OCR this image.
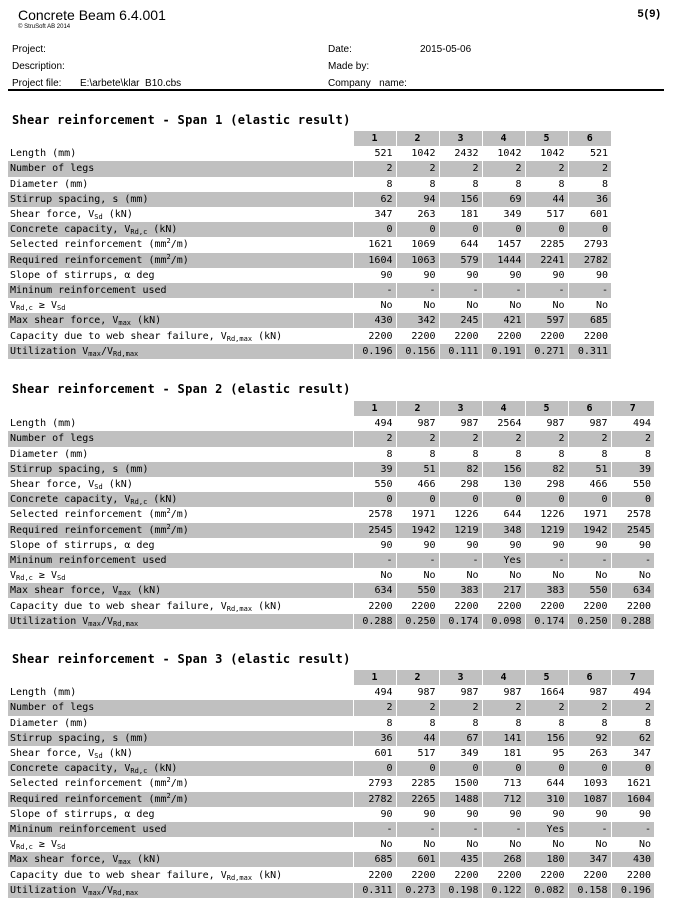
Concrete Beam 6.4.001
© StruSoft AB 2014
5(9)
Project:
Description:
Project file: E:\arbete\klar  B10.cbs
Date:	2015-05-06
Made by:
Company   name:
Shear reinforcement - Span 1 (elastic result)
	1	2	3	4	5	6
Length (mm)	521	1042	2432	1042	1042	521
Number of legs	2	2	2	2	2	2
Diameter (mm)	8	8	8	8	8	8
Stirrup spacing, s (mm)	62	94	156	69	44	36
Shear force, $V_{Sd}$ (kN)	347	263	181	349	517	601
Concrete capacity, $V_{Rd,c}$ (kN)	0	0	0	0	0	0
Selected reinforcement $(mm^2/m)$	1621	1069	644	1457	2285	2793
Required reinforcement $(mm^2/m)$	1604	1063	579	1444	2241	2782
Slope of stirrups, α deg	90	90	90	90	90	90
Mininum reinforcement used	-	-	-	-	-	-
$V_{Rd,c} \ge V_{Sd}$	No	No	No	No	No	No
Max shear force, $V_{max}$ (kN)	430	342	245	421	597	685
Capacity due to web shear failure, $V_{Rd,max}$ (kN)	2200	2200	2200	2200	2200	2200
Utilization $V_{max}/V_{Rd,max}$	0.196	0.156	0.111	0.191	0.271	0.311
Shear reinforcement - Span 2 (elastic result)
	1	2	3	4	5	6	7
Length (mm)	494	987	987	2564	987	987	494
Number of legs	2	2	2	2	2	2	2
Diameter (mm)	8	8	8	8	8	8	8
Stirrup spacing, s (mm)	39	51	82	156	82	51	39
Shear force, $V_{Sd}$ (kN)	550	466	298	130	298	466	550
Concrete capacity, $V_{Rd,c}$ (kN)	0	0	0	0	0	0	0
Selected reinforcement $(mm^2/m)$	2578	1971	1226	644	1226	1971	2578
Required reinforcement $(mm^2/m)$	2545	1942	1219	348	1219	1942	2545
Slope of stirrups, α deg	90	90	90	90	90	90	90
Mininum reinforcement used	-	-	-	Yes	-	-	-
$V_{Rd,c} \ge V_{Sd}$	No	No	No	No	No	No	No
Max shear force, $V_{max}$ (kN)	634	550	383	217	383	550	634
Capacity due to web shear failure, $V_{Rd,max}$ (kN)	2200	2200	2200	2200	2200	2200	2200
Utilization $V_{max}/V_{Rd,max}$	0.288	0.250	0.174	0.098	0.174	0.250	0.288
Shear reinforcement - Span 3 (elastic result)
	1	2	3	4	5	6	7
Length (mm)	494	987	987	987	1664	987	494
Number of legs	2	2	2	2	2	2	2
Diameter (mm)	8	8	8	8	8	8	8
Stirrup spacing, s (mm)	36	44	67	141	156	92	62
Shear force, $V_{Sd}$ (kN)	601	517	349	181	95	263	347
Concrete capacity, $V_{Rd,c}$ (kN)	0	0	0	0	0	0	0
Selected reinforcement $(mm^2/m)$	2793	2285	1500	713	644	1093	1621
Required reinforcement $(mm^2/m)$	2782	2265	1488	712	310	1087	1604
Slope of stirrups, α deg	90	90	90	90	90	90	90
Mininum reinforcement used	-	-	-	-	Yes	-	-
$V_{Rd,c} \ge V_{Sd}$	No	No	No	No	No	No	No
Max shear force, $V_{max}$ (kN)	685	601	435	268	180	347	430
Capacity due to web shear failure, $V_{Rd,max}$ (kN)	2200	2200	2200	2200	2200	2200	2200
Utilization $V_{max}/V_{Rd,max}$	0.311	0.273	0.198	0.122	0.082	0.158	0.196
